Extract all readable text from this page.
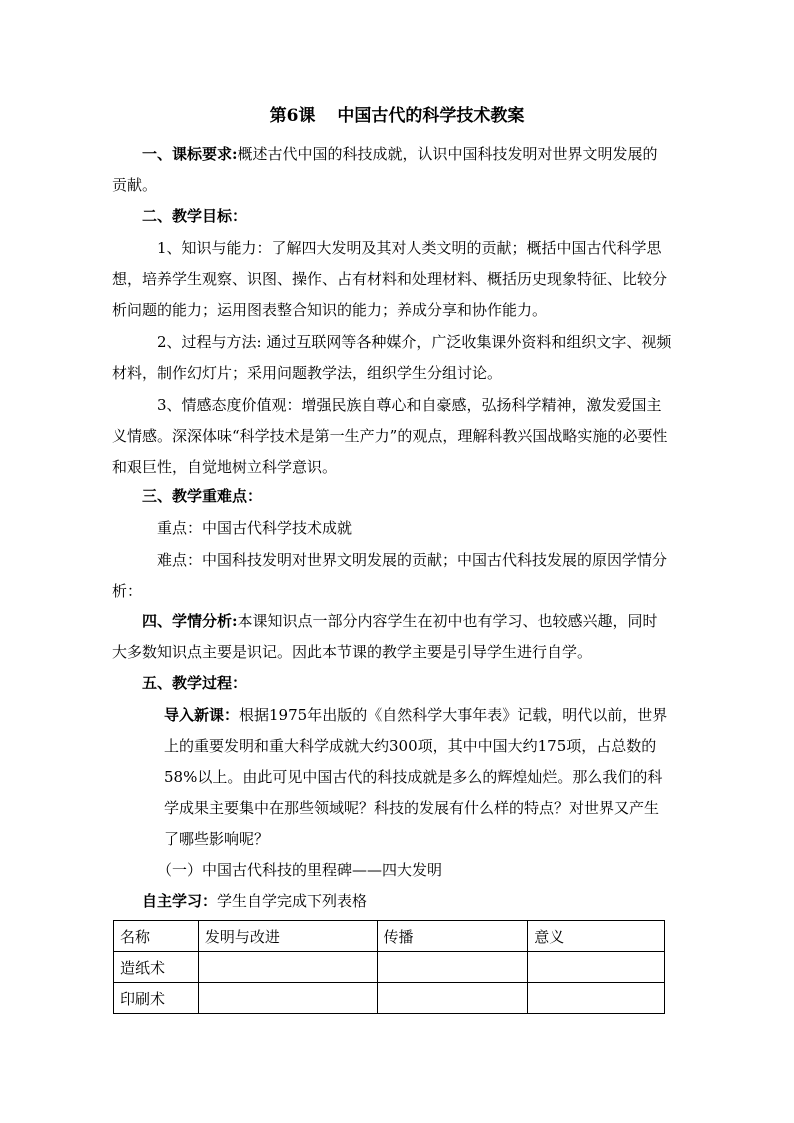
第6课 中国古代的科学技术教案

一、课标要求:概述古代中国的科技成就，认识中国科技发明对世界文明发展的贡献。

二、教学目标：

1、知识与能力：了解四大发明及其对人类文明的贡献；概括中国古代科学思想，培养学生观察、识图、操作、占有材料和处理材料、概括历史现象特征、比较分析问题的能力；运用图表整合知识的能力；养成分享和协作能力。

2、过程与方法: 通过互联网等各种媒介，广泛收集课外资料和组织文字、视频材料，制作幻灯片；采用问题教学法，组织学生分组讨论。

3、情感态度价值观：增强民族自尊心和自豪感，弘扬科学精神，激发爱国主义情感。深深体味“科学技术是第一生产力”的观点，理解科教兴国战略实施的必要性和艰巨性，自觉地树立科学意识。

三、教学重难点：

重点：中国古代科学技术成就

难点：中国科技发明对世界文明发展的贡献；中国古代科技发展的原因学情分析：

四、学情分析:本课知识点一部分内容学生在初中也有学习、也较感兴趣，同时大多数知识点主要是识记。因此本节课的教学主要是引导学生进行自学。

五、教学过程：

导入新课：根据1975年出版的《自然科学大事年表》记载，明代以前，世界上的重要发明和重大科学成就大约300项，其中中国大约175项，占总数的58%以上。由此可见中国古代的科技成就是多么的辉煌灿烂。那么我们的科学成果主要集中在那些领域呢？科技的发展有什么样的特点？对世界又产生了哪些影响呢？

（一）中国古代科技的里程碑——四大发明

自主学习：学生自学完成下列表格

名称	发明与改进	传播	意义
造纸术			
印刷术			
